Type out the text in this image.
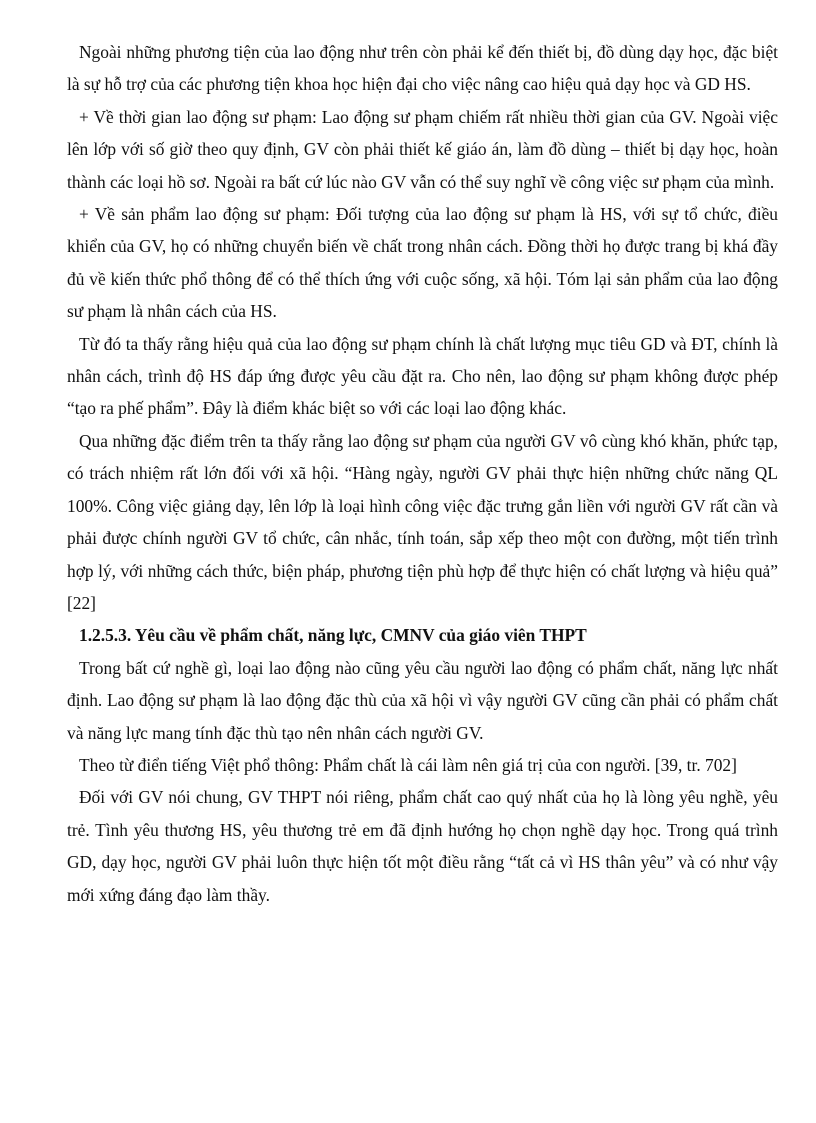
Ngoài những phương tiện của lao động như trên còn phải kể đến thiết bị, đồ dùng dạy học, đặc biệt là sự hỗ trợ của các phương tiện khoa học hiện đại cho việc nâng cao hiệu quả dạy học và GD HS.

+ Về thời gian lao động sư phạm: Lao động sư phạm chiếm rất nhiều thời gian của GV. Ngoài việc lên lớp với số giờ theo quy định, GV còn phải thiết kế giáo án, làm đồ dùng – thiết bị dạy học, hoàn thành các loại hồ sơ. Ngoài ra bất cứ lúc nào GV vẫn có thể suy nghĩ về công việc sư phạm của mình.

+ Về sản phẩm lao động sư phạm: Đối tượng của lao động sư phạm là HS, với sự tổ chức, điều khiển của GV, họ có những chuyển biến về chất trong nhân cách. Đồng thời họ được trang bị khá đầy đủ về kiến thức phổ thông để có thể thích ứng với cuộc sống, xã hội. Tóm lại sản phẩm của lao động sư phạm là nhân cách của HS.

Từ đó ta thấy rằng hiệu quả của lao động sư phạm chính là chất lượng mục tiêu GD và ĐT, chính là nhân cách, trình độ HS đáp ứng được yêu cầu đặt ra. Cho nên, lao động sư phạm không được phép “tạo ra phế phẩm”. Đây là điểm khác biệt so với các loại lao động khác.

Qua những đặc điểm trên ta thấy rằng lao động sư phạm của người GV vô cùng khó khăn, phức tạp, có trách nhiệm rất lớn đối với xã hội. “Hàng ngày, người GV phải thực hiện những chức năng QL 100%. Công việc giảng dạy, lên lớp là loại hình công việc đặc trưng gắn liền với người GV rất cần và phải được chính người GV tổ chức, cân nhắc, tính toán, sắp xếp theo một con đường, một tiến trình hợp lý, với những cách thức, biện pháp, phương tiện phù hợp để thực hiện có chất lượng và hiệu quả” [22]

1.2.5.3. Yêu cầu về phẩm chất, năng lực, CMNV của giáo viên THPT

Trong bất cứ nghề gì, loại lao động nào cũng yêu cầu người lao động có phẩm chất, năng lực nhất định. Lao động sư phạm là lao động đặc thù của xã hội vì vậy người GV cũng cần phải có phẩm chất và năng lực mang tính đặc thù tạo nên nhân cách người GV.

Theo từ điển tiếng Việt phổ thông: Phẩm chất là cái làm nên giá trị của con người. [39, tr. 702]

Đối với GV nói chung, GV THPT nói riêng, phẩm chất cao quý nhất của họ là lòng yêu nghề, yêu trẻ. Tình yêu thương HS, yêu thương trẻ em đã định hướng họ chọn nghề dạy học. Trong quá trình GD, dạy học, người GV phải luôn thực hiện tốt một điều rằng “tất cả vì HS thân yêu” và có như vậy mới xứng đáng đạo làm thầy.
